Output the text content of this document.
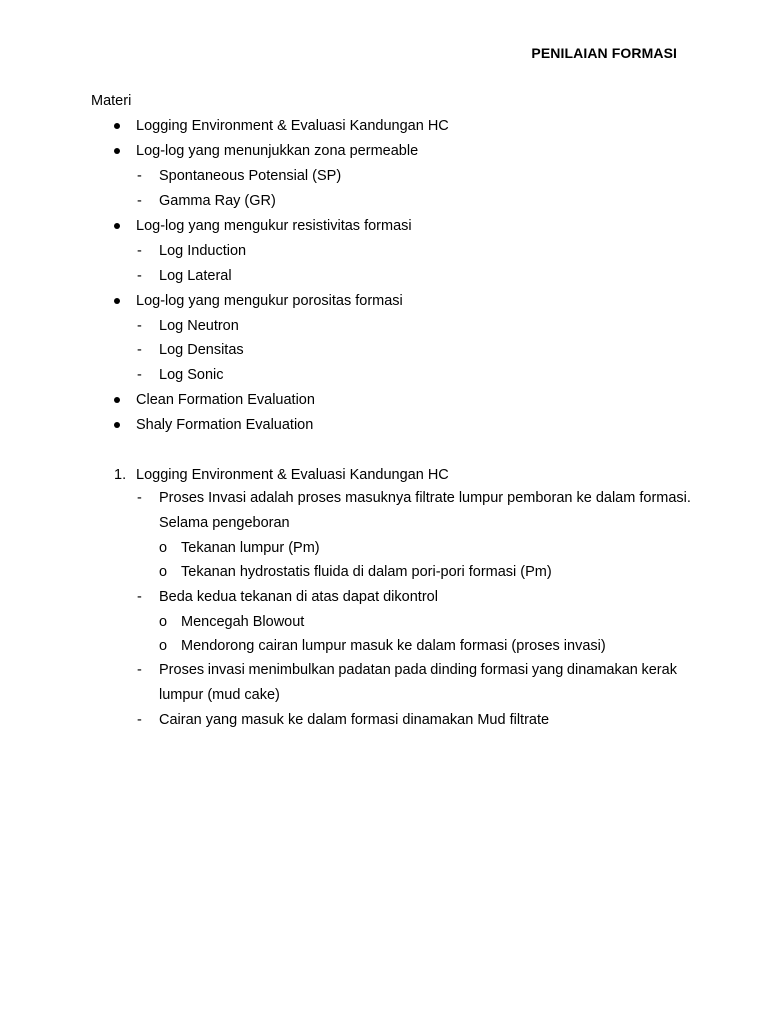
PENILAIAN FORMASI
Materi
Logging Environment & Evaluasi Kandungan HC
Log-log yang menunjukkan zona permeable
- Spontaneous Potensial (SP)
- Gamma Ray (GR)
Log-log yang mengukur resistivitas formasi
- Log Induction
- Log Lateral
Log-log yang mengukur porositas formasi
- Log Neutron
- Log Densitas
- Log Sonic
Clean Formation Evaluation
Shaly Formation Evaluation
1. Logging Environment & Evaluasi Kandungan HC
- Proses Invasi adalah proses masuknya filtrate lumpur pemboran ke dalam formasi.
Selama pengeboran
o Tekanan lumpur (Pm)
o Tekanan hydrostatis fluida di dalam pori-pori formasi (Pm)
- Beda kedua tekanan di atas dapat dikontrol
o Mencegah Blowout
o Mendorong cairan lumpur masuk ke dalam formasi (proses invasi)
- Proses invasi menimbulkan padatan pada dinding formasi yang dinamakan kerak
lumpur (mud cake)
- Cairan yang masuk ke dalam formasi dinamakan Mud filtrate
